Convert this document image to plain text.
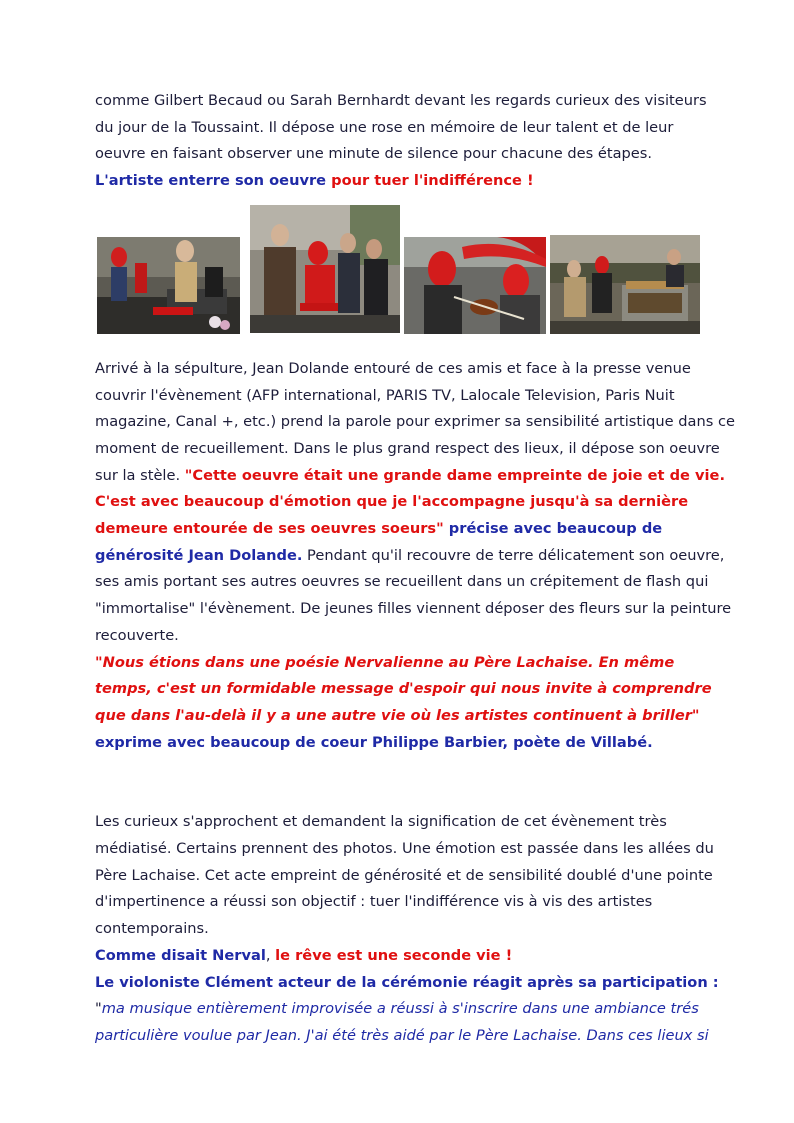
comme Gilbert Becaud ou Sarah Bernhardt devant les regards curieux des visiteurs

du jour de la Toussaint. Il dépose une rose en mémoire de leur talent et de leur

oeuvre en faisant observer une minute de silence pour chacune des étapes.

L'artiste enterre son oeuvre pour tuer l'indifférence !

Arrivé à la sépulture, Jean Dolande entouré de ces amis et face à la presse venue couvrir l'évènement (AFP international, PARIS TV, Lalocale Television, Paris Nuit magazine, Canal +, etc.) prend la parole pour exprimer sa sensibilité artistique dans ce moment de recueillement. Dans le plus grand respect des lieux, il dépose son oeuvre sur la stèle. "Cette oeuvre était une grande dame empreinte de joie et de vie. C'est avec beaucoup d'émotion que je l'accompagne jusqu'à sa dernière demeure entourée de ses oeuvres soeurs" précise avec beaucoup de générosité Jean Dolande. Pendant qu'il recouvre de terre délicatement son oeuvre, ses amis portant ses autres oeuvres se recueillent dans un crépitement de flash qui "immortalise" l'évènement. De jeunes filles viennent déposer des fleurs sur la peinture recouverte.

"Nous étions dans une poésie Nervalienne au Père Lachaise. En même temps, c'est un formidable message d'espoir qui nous invite à comprendre que dans l'au-delà il y a une autre vie où les artistes continuent à briller"

exprime avec beaucoup de coeur Philippe Barbier, poète de Villabé.

Les curieux s'approchent et demandent la signification de cet évènement très médiatisé. Certains prennent des photos. Une émotion est passée dans les allées du Père Lachaise. Cet acte empreint de générosité et de sensibilité doublé d'une pointe d'impertinence a réussi son objectif : tuer l'indifférence vis à vis des artistes contemporains.

Comme disait Nerval, le rêve est une seconde vie !

Le violoniste Clément acteur de la cérémonie réagit après sa participation : "ma musique entièrement improvisée a réussi à s'inscrire dans une ambiance trés particulière voulue par Jean. J'ai été très aidé par le Père Lachaise. Dans ces lieux si
